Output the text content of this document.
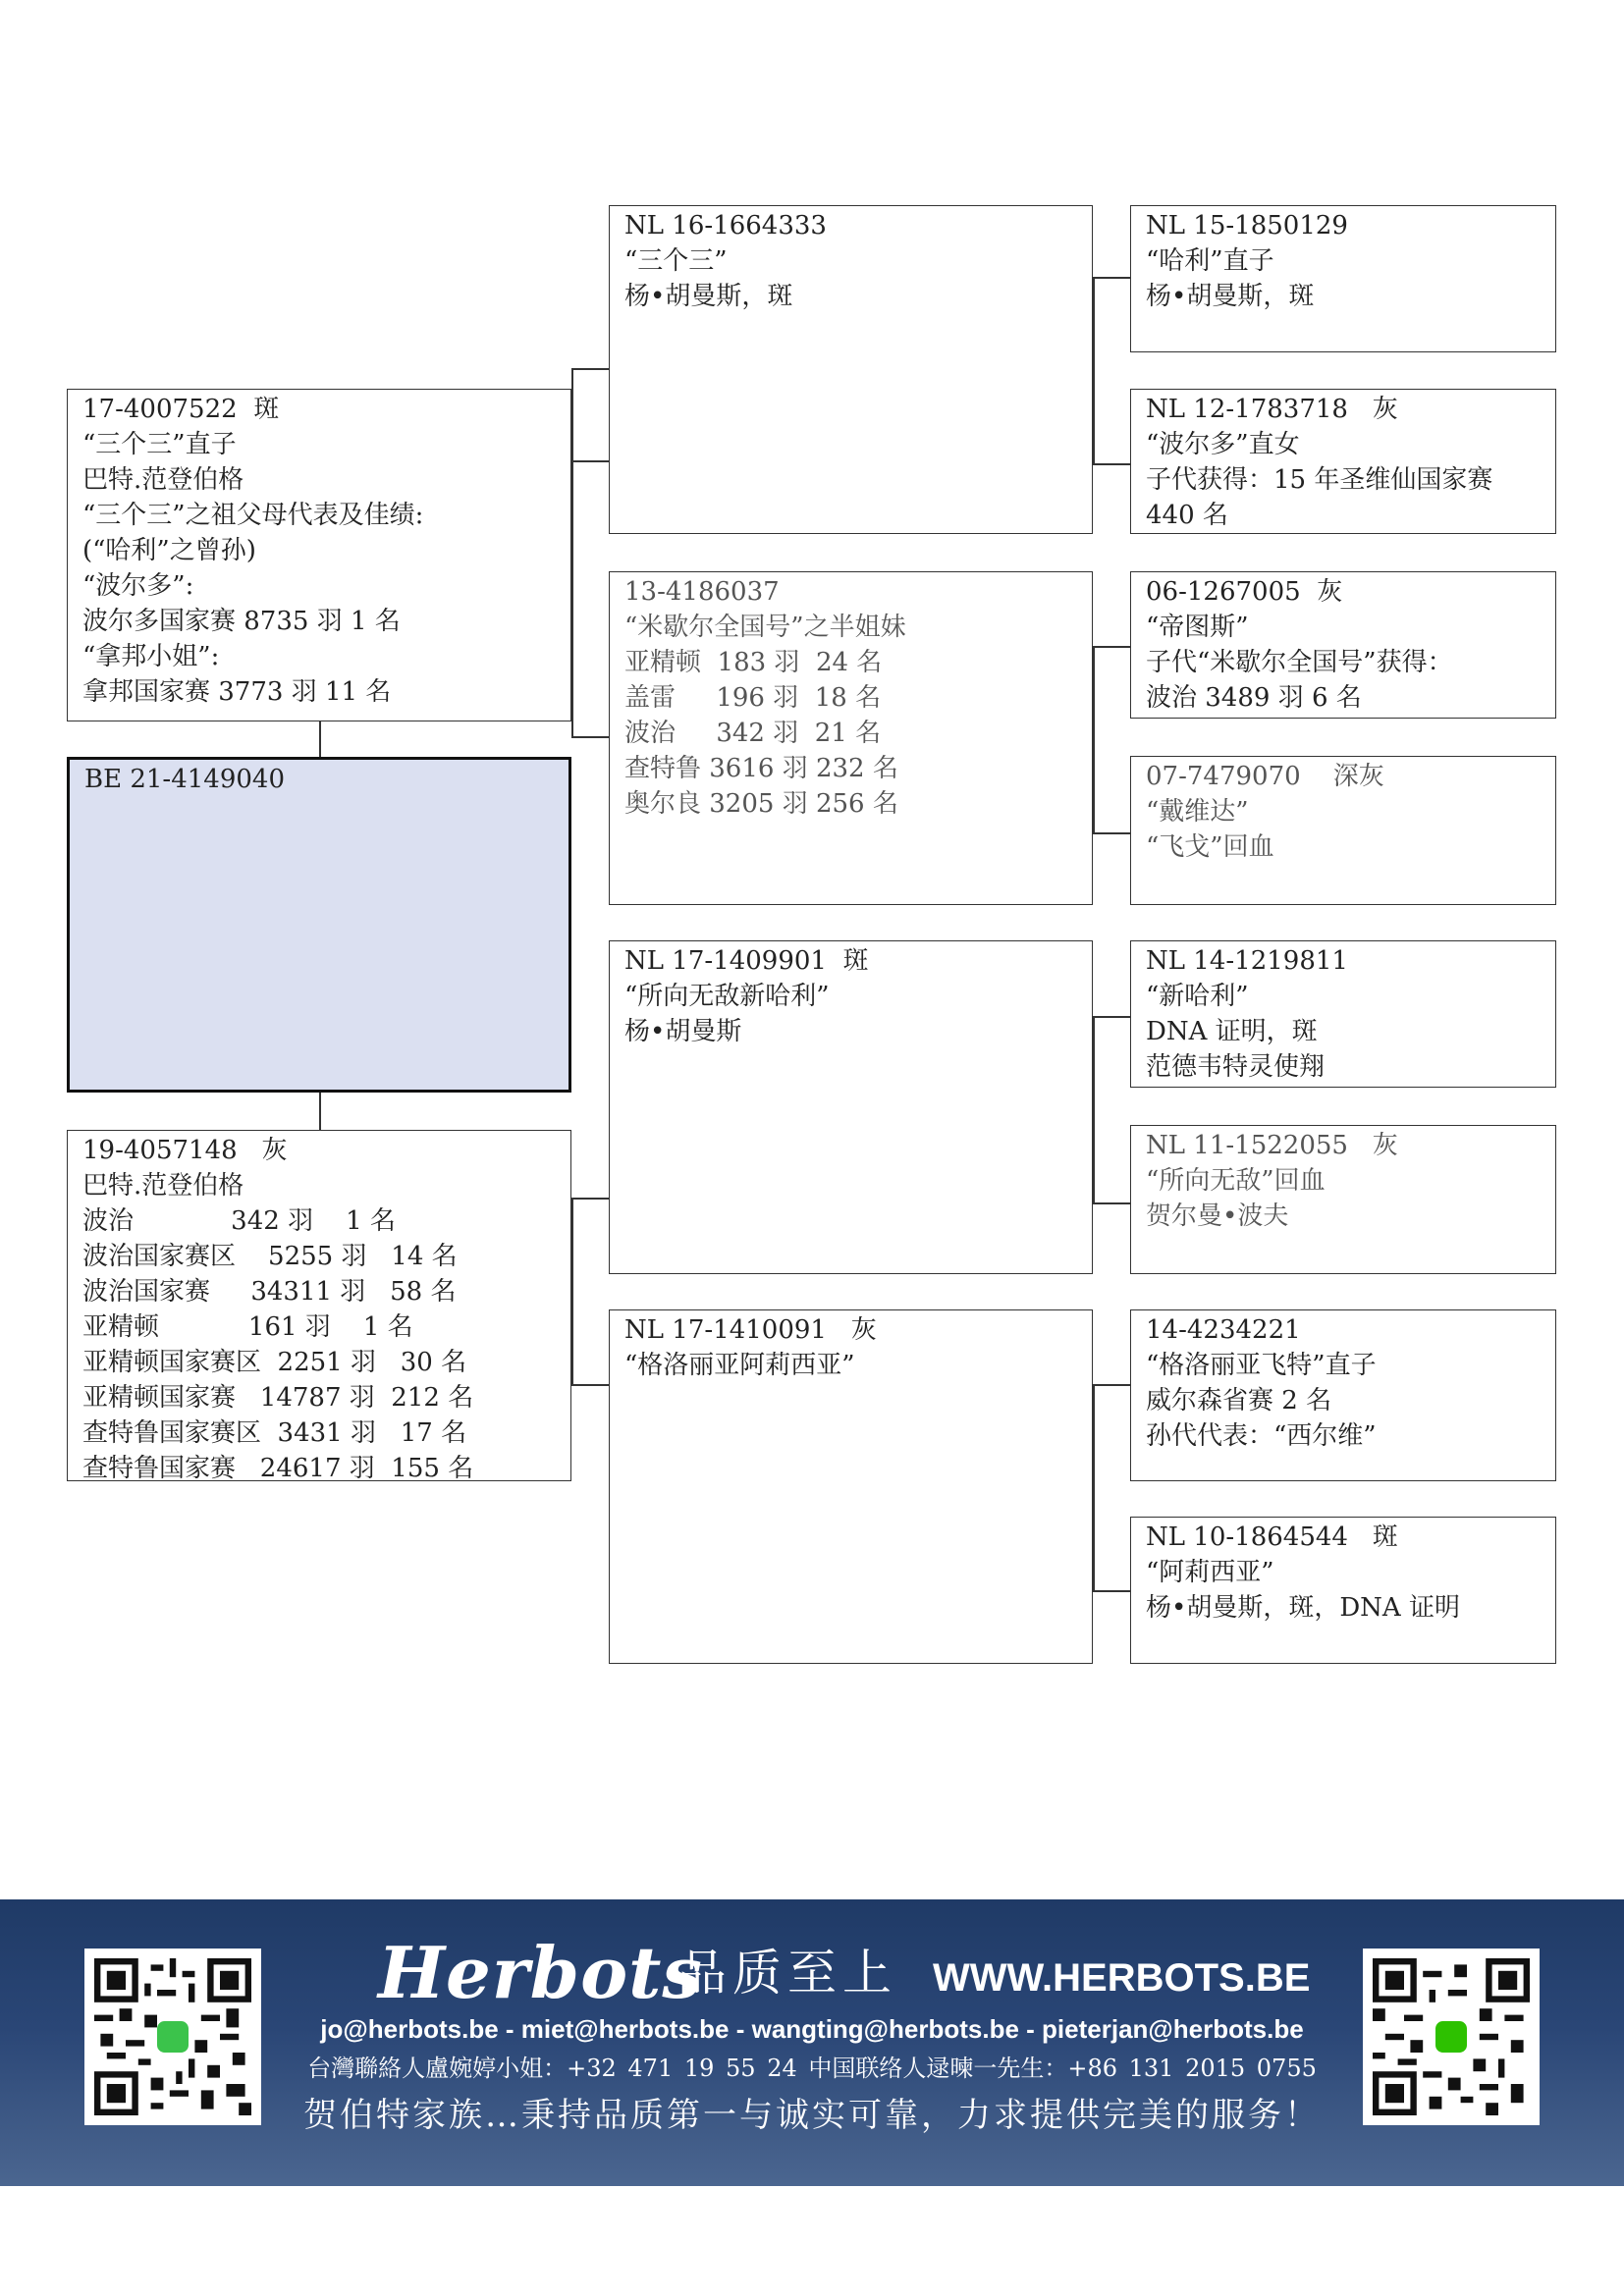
17-4007522  斑
“三个三”直子
巴特.范登伯格
“三个三”之祖父母代表及佳绩:
(“哈利”之曾孙)
“波尔多”:
波尔多国家赛 8735 羽 1 名
“拿邦小姐”:
拿邦国家赛 3773 羽 11 名
BE 21-4149040
19-4057148   灰
巴特.范登伯格
波治            342 羽    1 名
波治国家赛区    5255 羽   14 名
波治国家赛     34311 羽   58 名
亚精顿           161 羽    1 名
亚精顿国家赛区  2251 羽   30 名
亚精顿国家赛   14787 羽  212 名
查特鲁国家赛区  3431 羽   17 名
查特鲁国家赛   24617 羽  155 名
NL 16-1664333
“三个三”
杨•胡曼斯，斑
13-4186037
“米歇尔全国号”之半姐妹
亚精顿  183 羽  24 名
盖雷     196 羽  18 名
波治     342 羽  21 名
查特鲁 3616 羽 232 名
奥尔良 3205 羽 256 名
NL 17-1409901  斑
“所向无敌新哈利”
杨•胡曼斯
NL 17-1410091   灰
“格洛丽亚阿莉西亚”
NL 15-1850129
“哈利”直子
杨•胡曼斯，斑
NL 12-1783718   灰
“波尔多”直女
子代获得：15 年圣维仙国家赛
440 名
06-1267005  灰
“帝图斯”
子代“米歇尔全国号”获得：
波治 3489 羽 6 名
07-7479070    深灰
“戴维达”
“飞戈”回血
NL 14-1219811
“新哈利”
DNA 证明，斑
范德韦特灵使翔
NL 11-1522055   灰
“所向无敌”回血
贺尔曼•波夫
14-4234221
“格洛丽亚飞特”直子
威尔森省赛 2 名
孙代代表：“西尔维”
NL 10-1864544   斑
“阿莉西亚”
杨•胡曼斯，斑，DNA 证明
Herbots
品质至上 WWW.HERBOTS.BE
jo@herbots.be - miet@herbots.be - wangting@herbots.be - pieterjan@herbots.be
台灣聯絡人盧婉婷小姐：+32 471 19 55 24 中国联络人逯暕一先生：+86 131 2015 0755
贺伯特家族…秉持品质第一与诚实可靠，力求提供完美的服务！
